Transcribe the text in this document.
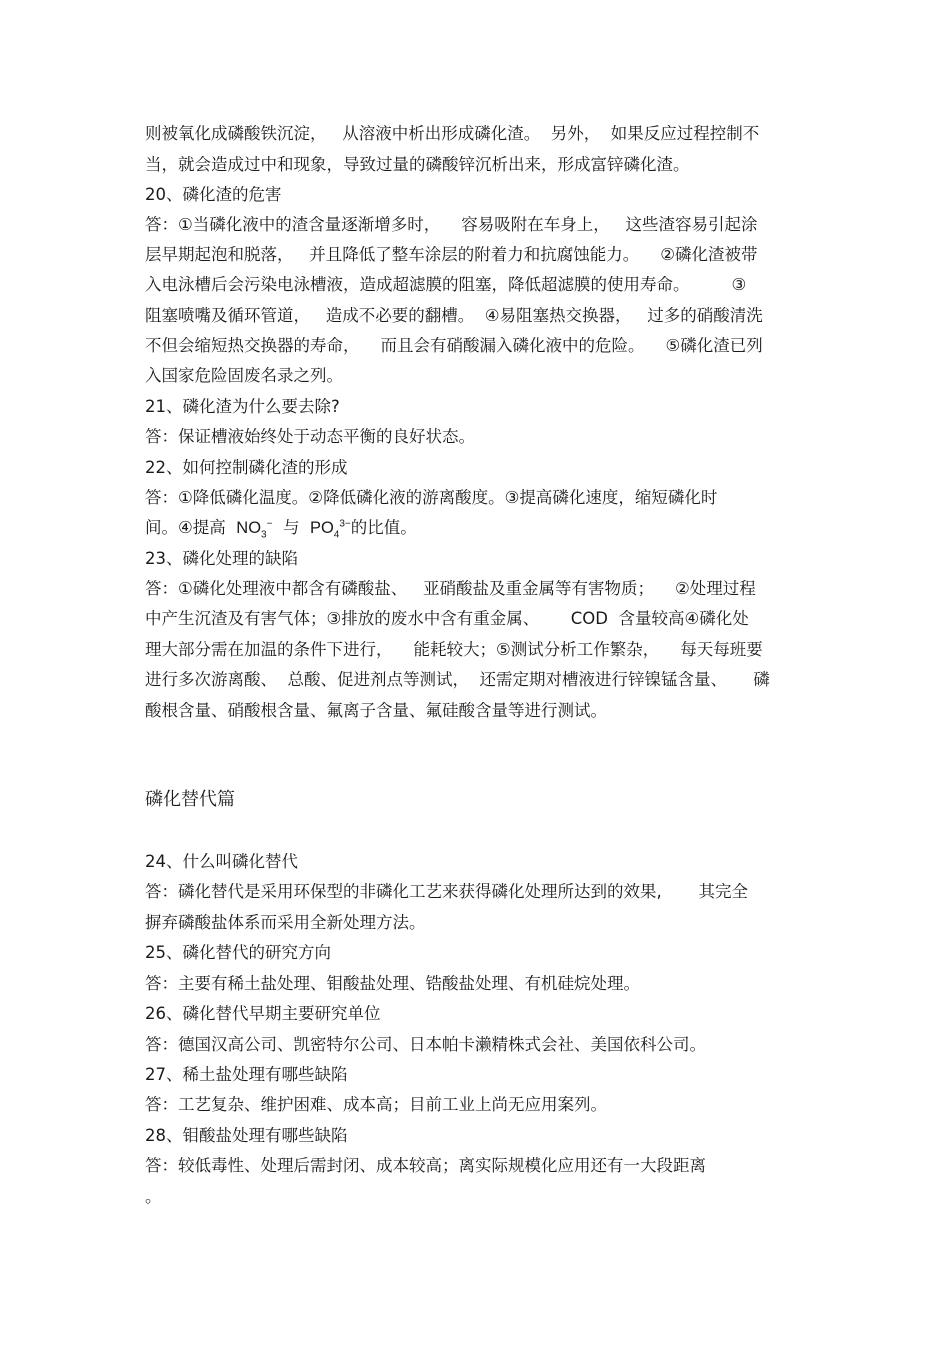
则被氧化成磷酸铁沉淀，   从溶液中析出形成磷化渣。  另外，  如果反应过程控制不
当，就会造成过中和现象，导致过量的磷酸锌沉析出来，形成富锌磷化渣。
20、磷化渣的危害
答：①当磷化液中的渣含量逐渐增多时，    容易吸附在车身上，   这些渣容易引起涂
层早期起泡和脱落，   并且降低了整车涂层的附着力和抗腐蚀能力。    ②磷化渣被带
入电泳槽后会污染电泳槽液，造成超滤膜的阻塞，降低超滤膜的使用寿命。        ③
阻塞喷嘴及循环管道，   造成不必要的翻槽。  ④易阻塞热交换器，   过多的硝酸清洗
不但会缩短热交换器的寿命，    而且会有硝酸漏入磷化液中的危险。    ⑤磷化渣已列
入国家危险固废名录之列。
21、磷化渣为什么要去除?
答：保证槽液始终处于动态平衡的良好状态。
22、如何控制磷化渣的形成
答：①降低磷化温度。②降低磷化液的游离酸度。③提高磷化速度，缩短磷化时
间。④提高  $NO_3^-$  与  $PO_4^{3-}$的比值。
23、磷化处理的缺陷
答：①磷化处理液中都含有磷酸盐、   亚硝酸盐及重金属等有害物质；    ②处理过程
中产生沉渣及有害气体；③排放的废水中含有重金属、      COD  含量较高④磷化处
理大部分需在加温的条件下进行，    能耗较大；⑤测试分析工作繁杂，    每天每班要
进行多次游离酸、  总酸、促进剂点等测试，  还需定期对槽液进行锌镍锰含量、     磷
酸根含量、硝酸根含量、氟离子含量、氟硅酸含量等进行测试。
磷化替代篇
24、什么叫磷化替代
答：磷化替代是采用环保型的非磷化工艺来获得磷化处理所达到的效果,       其完全
摒弃磷酸盐体系而采用全新处理方法。
25、磷化替代的研究方向
答：主要有稀土盐处理、钼酸盐处理、锆酸盐处理、有机硅烷处理。
26、磷化替代早期主要研究单位
答：德国汉高公司、凯密特尔公司、日本帕卡濑精株式会社、美国依科公司。
27、稀土盐处理有哪些缺陷
答：工艺复杂、维护困难、成本高；目前工业上尚无应用案列。
28、钼酸盐处理有哪些缺陷
答：较低毒性、处理后需封闭、成本较高；离实际规模化应用还有一大段距离
。
